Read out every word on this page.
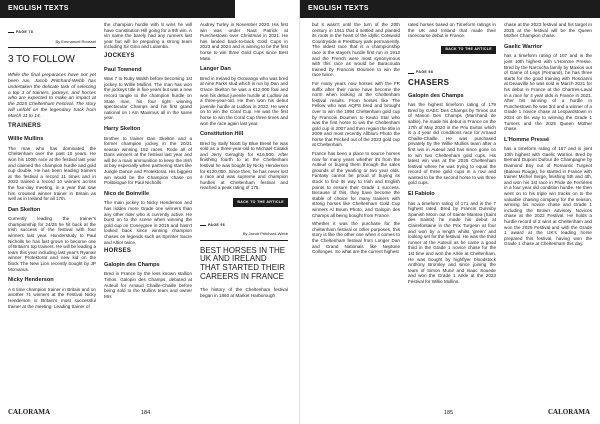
ENGLISH TEXTS
PAGE 78
By Emmanuel Roussel
3 TO FOLLOW

While the final preparaces have not yet been run, Jacob Pritchard-Webb has undertaken the delicate task of selecting a top 3 of trainers, jockeys, and horses who are expected to make an impact at the 2025 Cheltenham Festival. The story will unfold on the legendary track from March 11 to 14.

TRAINERS
Willie Mullins

The man who has dominated the Cheltenham over the past 10 years. He won his 100th race at the festival last year and claimed the champion hurdle and gold cup double. He has been leading trainers at the festival a record 11 times and in 2022 trained a record 10 winners across the four-day meeting, in a year that saw him crowned winner trainer in Britain as well as in Ireland for all 17th.

Dan Skelton

Currently leading the trainer's championship for 24/25 he hit back at the Irish success of the festival with four winners last year. Hunderstudy to Paul Nicholls he has fast grown to become one of Britain's top trainers. He will be leading a team this year including last year's Ryanair winner Protektorat and new kid on the block The New Lion recently bought by JP Mcmanus.

Nicky Henderson

A 6 time champion trainer in Britain and on another 71 winners at the Festival Nicky Henderson is Britain's most successful trainer at the meeting. Leading trainer of

the champion hurdle with 8 wins he will have Constitution Hill going for a 9th win. A vin same the barely had any runners last year but will be preparing a strong team including Sir Gino and Lulamba.

JOCKEYS
Paul Townend

Was 7 to Ruby Walsh before becoming 1st jockey to Willie Mullins. The man has won the jockeys title in five years but was a new record tangle to the champion hurdle on State man, his four right winning spectacular Champs and his first grand national on I Am Maximus all in the same year.

Harry Skelton

Brother to trainer Dan Skelton and a former champion jockey in the 20/21 season winning 152 races. Rode all of Dans winners at the festival last year and will be a main ammunition to keep the Irish at bay especially when partnering stars like Jungle Dance and Protektorat. His biggest win would be the Champion chase on Politologue for Paul Nicholls.

Nico de Boinville

The main jockey to Nicky Henderson and has ridden more Grade one winners than any other rider who is currently active. He burst on to the scene when winning the gold cup on Coneygree in 2015 and hasn't looked back since winning champion chases on legends such as Sprinter Sacre and Altior twice.

HORSES
Galopin des Champs

Bred in France by the less known stallion Timos. Galopin des Champs, debuted at Auteuil for Arnaud Chaille-Chaille before being sold to the Mullins team and owner Mrs

Audrey Turley in November 2020. His first win was under Naut Patrick at Punchestown over Christmas in 2021. He has landed back-to-back Gold Cups in 2023 and 2024 and is aiming to be the first horse to win three Gold Cups since Best Mate.

Langer Dan

Bred in Ireland by Ocovango who was bred at Aine Parks stud which is run by Dan and Grace Skelton he was a €12,000 foal and won his debut juvenile hurdle at Ludlow as a three-year-old. He then won his debut juvenile hurdle at Ludlow in 2022. He went on to win the Coral Cup. He was the first horse to win the Coral Cup three times and won the race again last year.

Constitution Hill

Bred by Sally Noott by Blue Bresil he was sold as a three-year-old to Michael Cataldi and Jerry Geraghty for €16,500. After finishing fourth to at the Cheltenham festival he was bought by Nicky Henderson for €120,000. Since then, he has never lost a race and was supreme and champion hurdles at Cheltenham festival and reached a peak rating of 175.

BACK TO THE ARTICLE
PAGE 96
By Jacob Pritchard-Webb
BEST HORSES IN THE UK AND IRELAND THAT STARTED THEIR CAREERS IN FRANCE

The history of the Cheltenham festival began in 1860 at Market Harborough

CALORAMA	184
ENGLISH TEXTS

but it wasn't until the turn of the 20th century in 1911 that it settled and planted its roots in the heart of the idyllic Cotswold Countryside in Prestbury park permanently. The oldest race that is a championship race is the stayers hurdle first run in 1912 and the French were most synonymous with this race as would be Baracouda trained by Francois Doumen to win the race twice.

For many years now horses with the FR suffix after their name have become the norm when looking at the Cheltenham festival results. From horses like The Fellow who was AQPS bred and brought over to win the 1994 Cheltenham gold cup by Francois Doumen to Kauto Star who was the first horse to win the Cheltenham gold cup in 2007 and then regain the title in 2009 and most recently Allblum Photo the horse that Pricked out of the 2023 gold cup at Cheltenham.

France has been a place to source horses now for many years whether it's from the Auteuil or buying them through the sales grounds of the yearling or two year olds. Fantasy cannot be proud of buying its stock to find its way to Irish and English points to ensure their Grade 1 success. Because of this, they have become the stable of choice for many trainers with strong horses like Cheltenham Gold Cup winners Al Boum Photo, and Galopin des Champs all being bought from France.

Whether it was the purchase for the cheltenham festival or other purposes, this story is like the other one when it comes to the Cheltenham festival from Longer Dan and Grand Nationals like Neptune Collonges. So what are the current highest

rated horses based on Timeform ratings in the UK and Ireland that made their racecourse debut in France.

BACK TO THE ARTICLE
PAGE 98
CHASERS
Galopin des Champs

has the highest timeform rating of 179 Bred by GAEC Des Champs by Timos out of Manon Des Champs (Marchand de sable), he made his debut in France on the 17th of May 2020 in the Prix Evitos which is a 4 year old conditions race for Arnaud Chaille-Chaille. He was purchased privately by the Willie Mullins team after a first win in Auteuil and has since gone on to win two Cheltenham gold cups. His latest win was at the 2025 Cheltenham festival where he was trying to equal the record of three gold cups in a row and wanted to be the second horse to win three gold cups.

El Fabiolo

has a timeform rating of 171 and is the 7 highest rated. Bred by Francis Dunniby Spanish Moon out of Sainte Mantea (Saint des Saints) he made his debut at Clairefontaine in the Prix Turgeon at four and won by a length whilst 'green' and looking set for the festival. He was the third runner at the Auteuil as he came a good third in the Grade 1 novice chase for the 1st time and won the Arkle at Cheltenham. He was bought by highflyer bloodstock Anthony Bromley and since joining the team of Simon Munir and Isaac Souede and won the Grade 1 Arkle at the 2023 Festival for Willie Mullins.

chase at the 2023 festival and his target in 2025 at the festival will be the Queen Mother Champion chase.

Gaelic Warrior

has a timeform rating of 167 and is the joint 10th highest with L'Homme Presse. Bred by the Narcocha family by Maxios out of Game of Legs (Fernand), he has three starts for the good training with Roscianni at Deauville he was sold in March 2021 for his debut in France at the Chartres-Laval in a race for 4 year olds in France in 2021. After his winning of a hurdle in Punchestown he was 3rd and a winner of a Grade 1 novice chase at Leopardstown in 2024 on his way to winning the Grade 1 Turners and the 2025 Queen Mother chase.

L'Homme Pressé

has a timeform rating of 167 and is joint 10th highest with Gaelic Warrior. Bred by Bernard Dupont Dufour de Champagne by Diamond Boy out of Romantic Turgeot (Bateau Rouge), he started in France with trainer Michel Serge, finishing 5th and 4th, and won his 1st race in Pride de Ferrières in a four year old condition hurdle. He then went on to his triple win tracks on to the valuable chasing company for the season, winning his novice chase and Grade 1 including the Brown Advisory Novices chase at the 2022 Festival. He holds a hurdle record of 2 wins at Cheltenham and won the 2025 Festival and with the Grade 1 award at the UK's leading horse prepared this festival, having won the Grade 1 chase at Cheltenham this day.

185	CALORAMA
